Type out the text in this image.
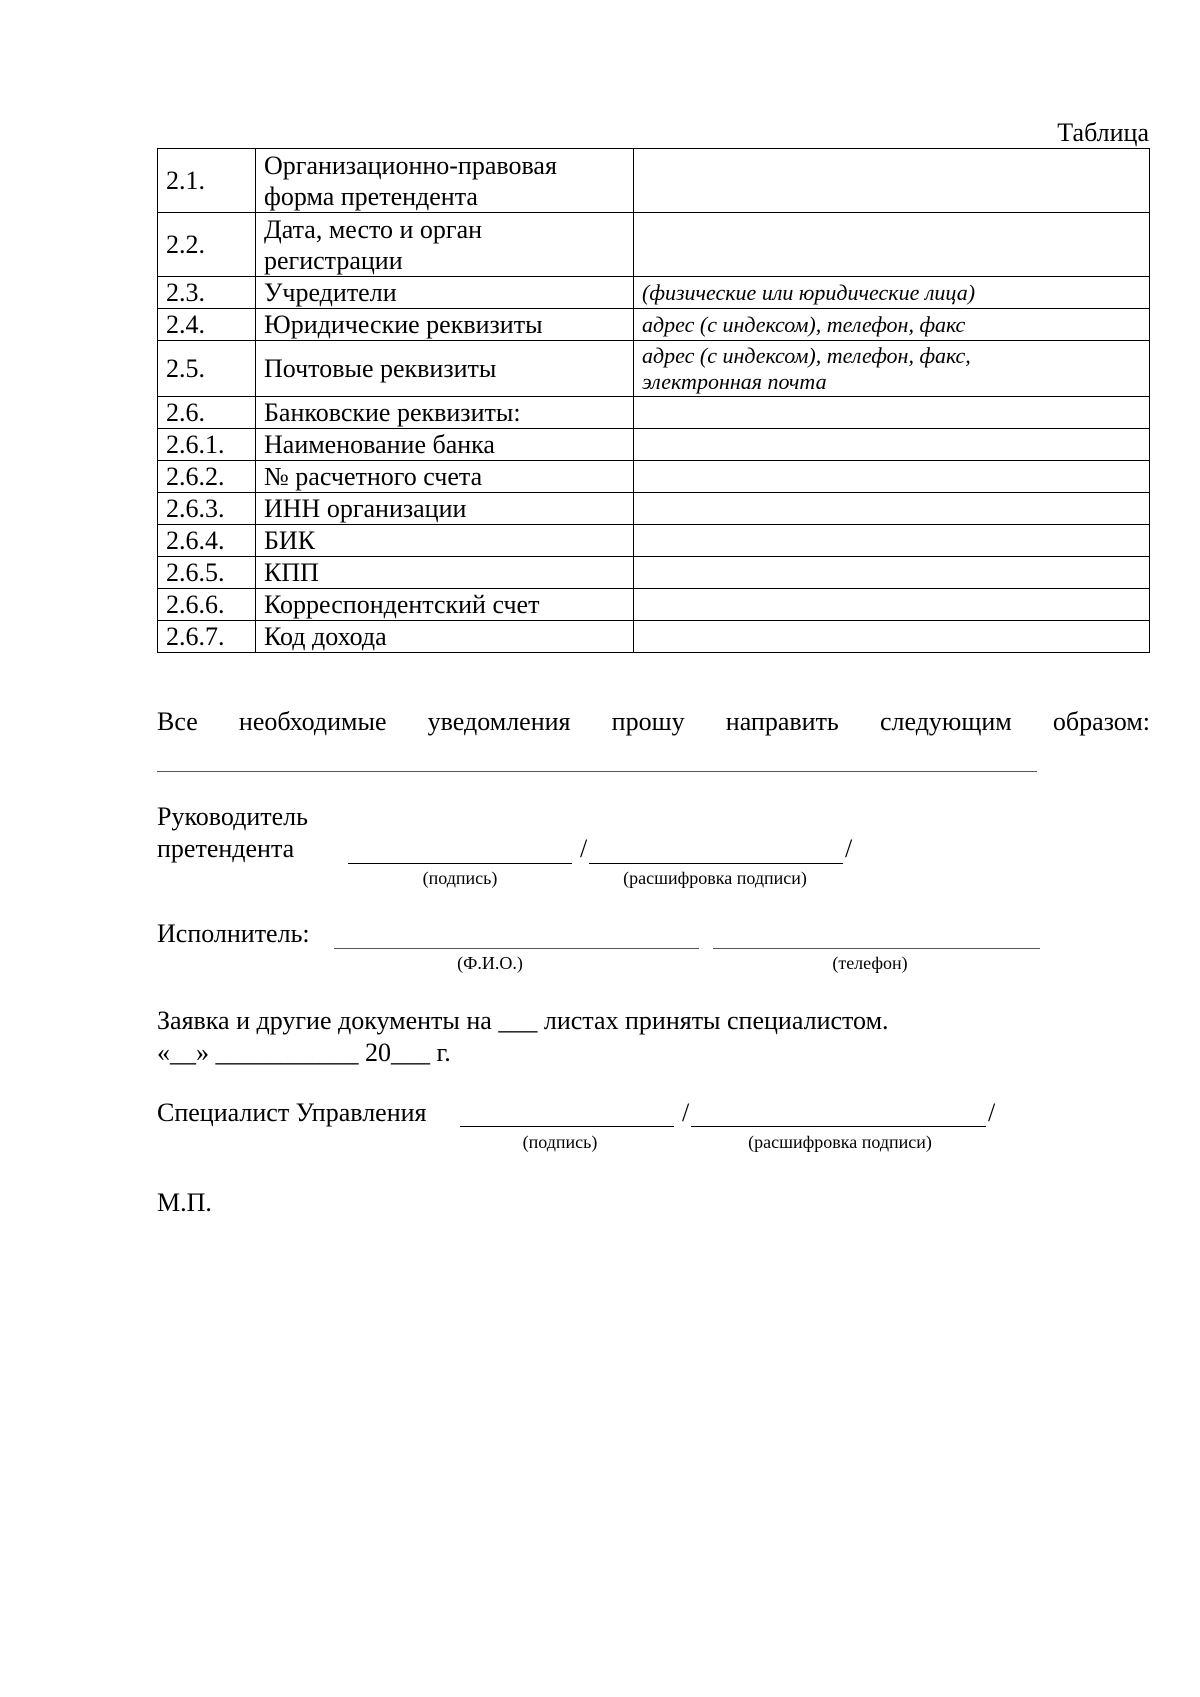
Таблица
2.1.	Организационно-правовая
форма претендента	

2.2.	Дата, место и орган
регистрации	

2.3.	Учредители	(физические или юридические лица)

2.4.	Юридические реквизиты	адрес (с индексом), телефон, факс

2.5.	Почтовые реквизиты	адрес (с индексом), телефон, факс,
электронная почта

2.6.	Банковские реквизиты:	

2.6.1.	Наименование банка	

2.6.2.	№ расчетного счета	

2.6.3.	ИНН организации	

2.6.4.	БИК	

2.6.5.	КПП	

2.6.6.	Корреспондентский счет	

2.6.7.	Код дохода	

Все необходимые уведомления прошу направить следующим образом:
Руководитель
претендента	/	/
(подпись)	(расшифровка подписи)
Исполнитель:
(Ф.И.О.)	(телефон)
Заявка и другие документы на ___ листах приняты специалистом.
«__» ___________ 20___ г.
Специалист Управления	/	/
(подпись)	(расшифровка подписи)
М.П.
